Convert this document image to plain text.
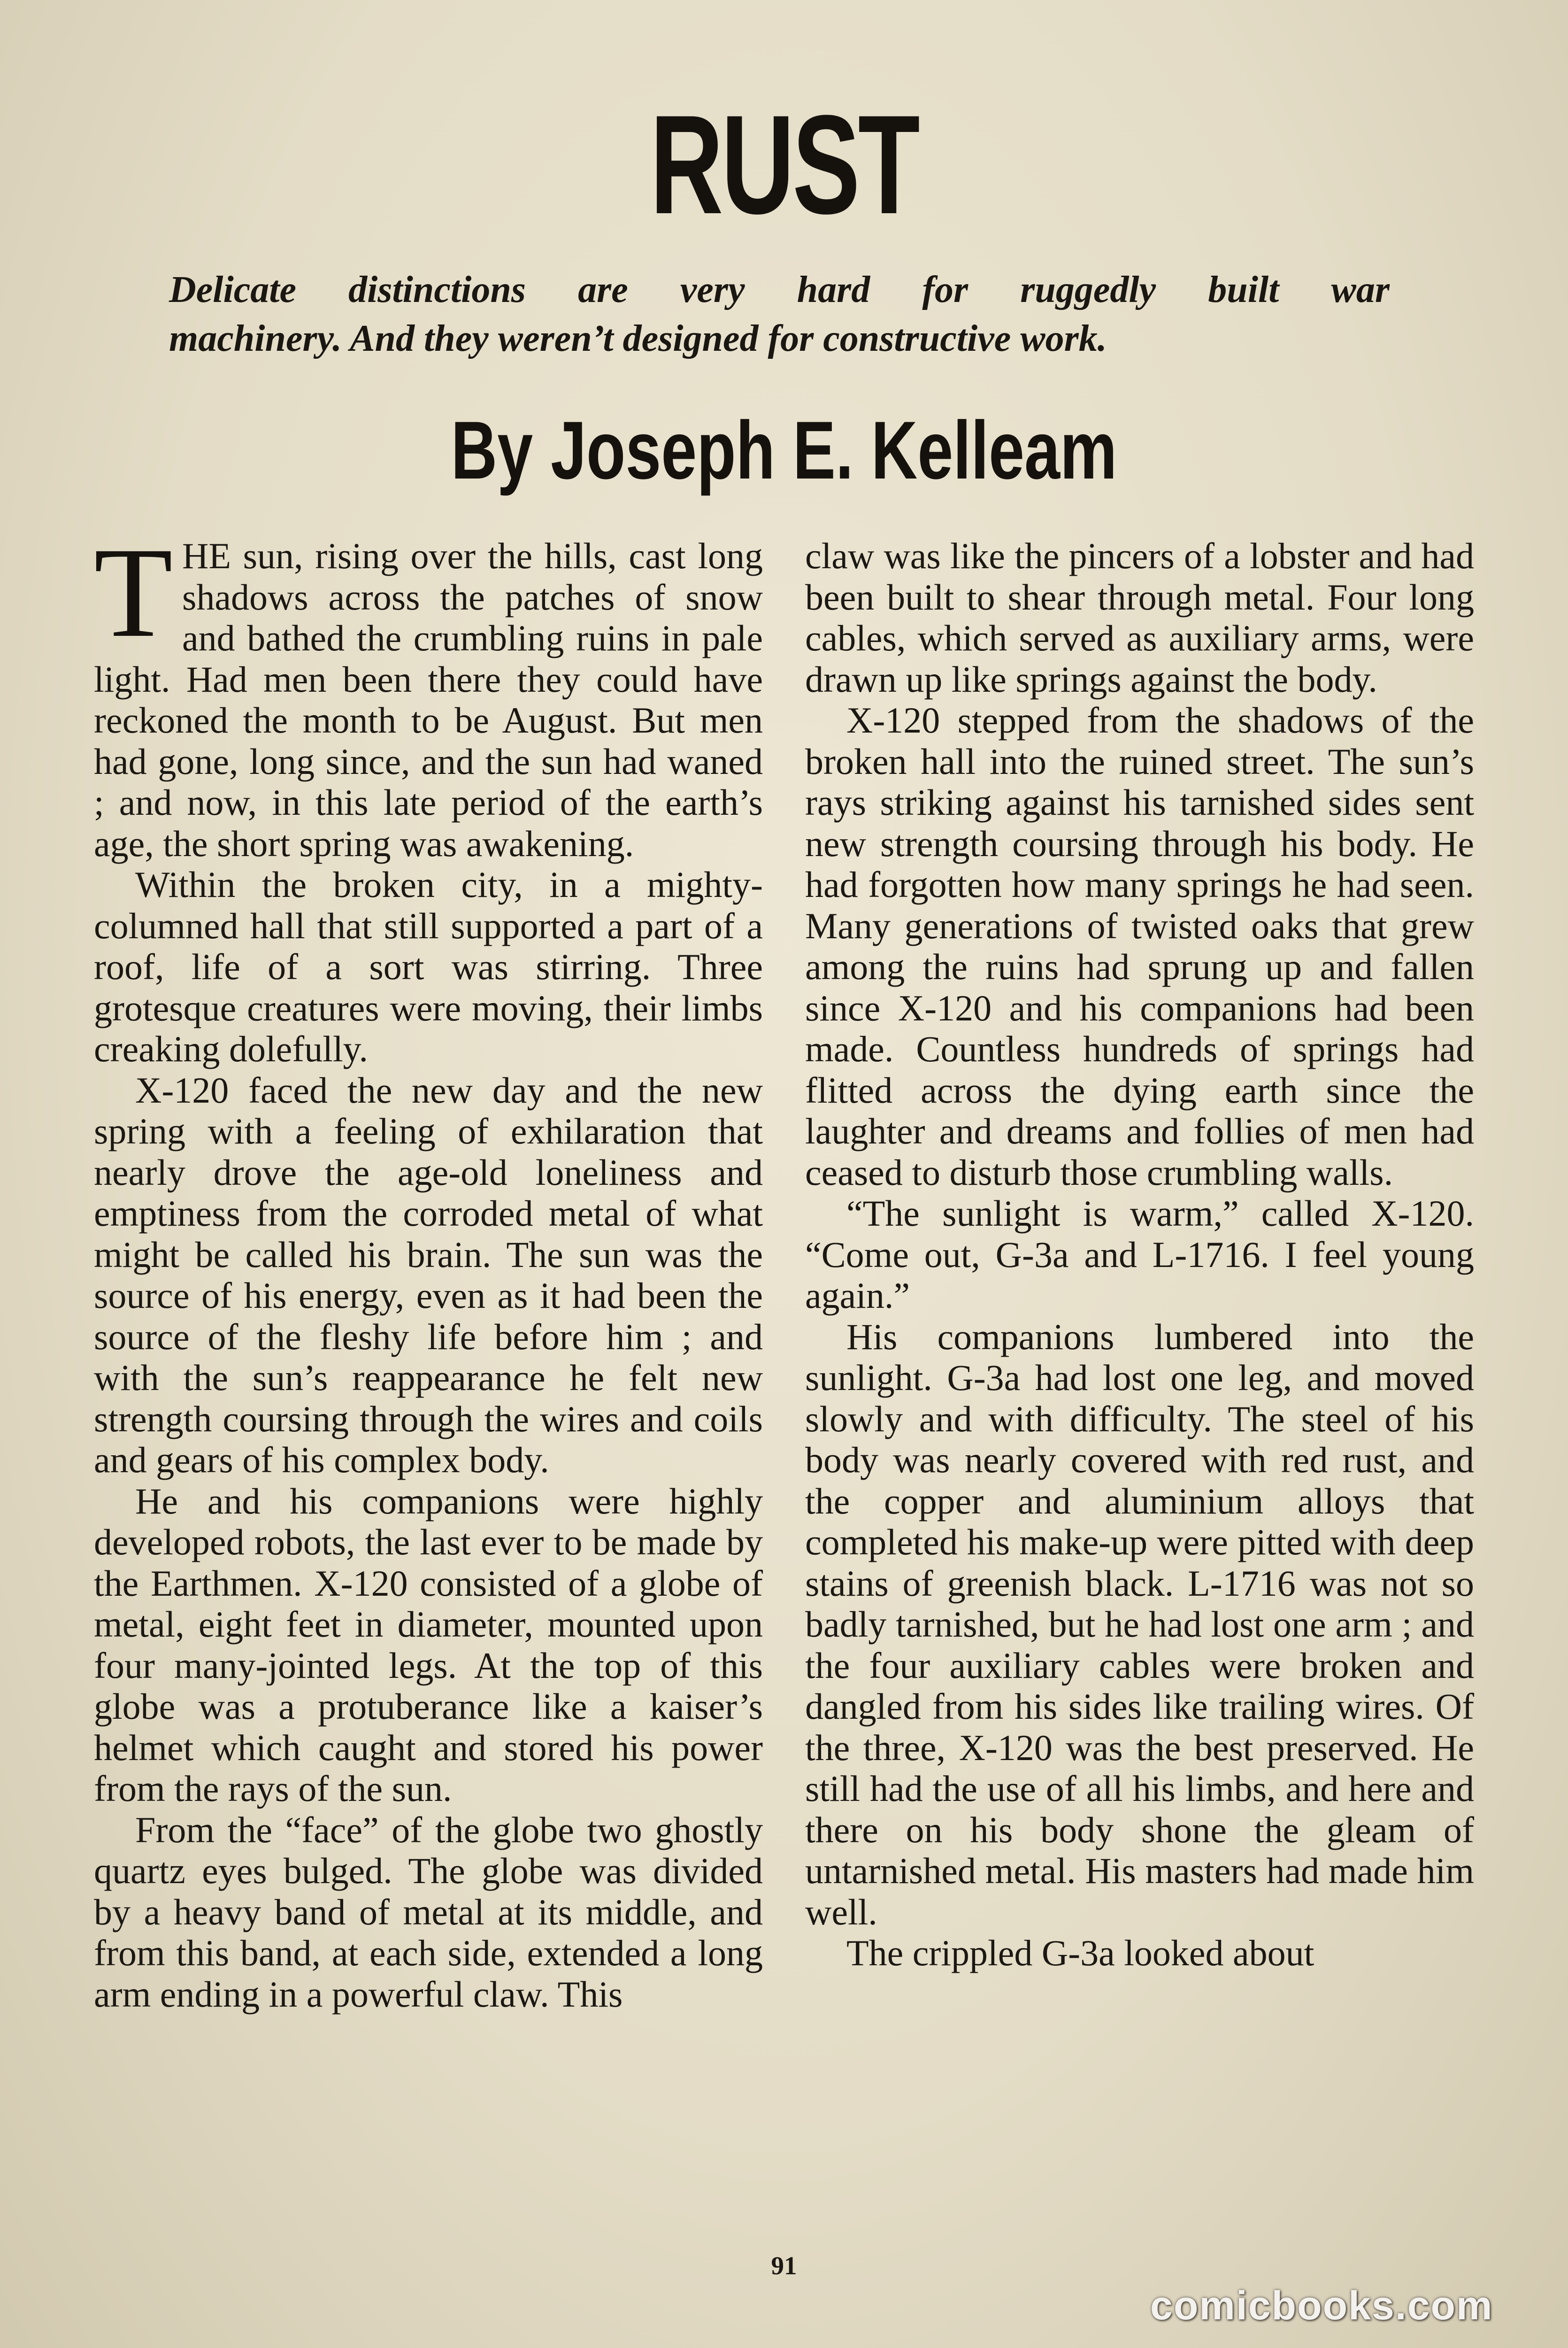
RUST
Delicate distinctions are very hard for ruggedly built war
machinery. And they weren’t designed for constructive work.
By Joseph E. Kelleam

THE sun, rising over the hills, cast long shadows across the patches of snow and bathed the crumbling ruins in pale light. Had men been there they could have reckoned the month to be August. But men had gone, long since, and the sun had waned ; and now, in this late period of the earth’s age, the short spring was awakening.

Within the broken city, in a mighty-columned hall that still supported a part of a roof, life of a sort was stirring. Three grotesque creatures were moving, their limbs creaking dolefully.

X-120 faced the new day and the new spring with a feeling of exhilaration that nearly drove the age-old loneliness and emptiness from the corroded metal of what might be called his brain. The sun was the source of his energy, even as it had been the source of the fleshy life before him ; and with the sun’s reappearance he felt new strength coursing through the wires and coils and gears of his complex body.

He and his companions were highly developed robots, the last ever to be made by the Earthmen. X-120 consisted of a globe of metal, eight feet in diameter, mounted upon four many-jointed legs. At the top of this globe was a protuberance like a kaiser’s helmet which caught and stored his power from the rays of the sun.

From the “face” of the globe two ghostly quartz eyes bulged. The globe was divided by a heavy band of metal at its middle, and from this band, at each side, extended a long arm ending in a powerful claw. This

claw was like the pincers of a lobster and had been built to shear through metal. Four long cables, which served as auxiliary arms, were drawn up like springs against the body.

X-120 stepped from the shadows of the broken hall into the ruined street. The sun’s rays striking against his tarnished sides sent new strength coursing through his body. He had forgotten how many springs he had seen. Many generations of twisted oaks that grew among the ruins had sprung up and fallen since X-120 and his companions had been made. Countless hundreds of springs had flitted across the dying earth since the laughter and dreams and follies of men had ceased to disturb those crumbling walls.

“The sunlight is warm,” called X-120. “Come out, G-3a and L-1716. I feel young again.”

His companions lumbered into the sunlight. G-3a had lost one leg, and moved slowly and with difficulty. The steel of his body was nearly covered with red rust, and the copper and aluminium alloys that completed his make-up were pitted with deep stains of greenish black. L-1716 was not so badly tarnished, but he had lost one arm ; and the four auxiliary cables were broken and dangled from his sides like trailing wires. Of the three, X-120 was the best preserved. He still had the use of all his limbs, and here and there on his body shone the gleam of untarnished metal. His masters had made him well.

The crippled G-3a looked about

91
comicbooks.com
